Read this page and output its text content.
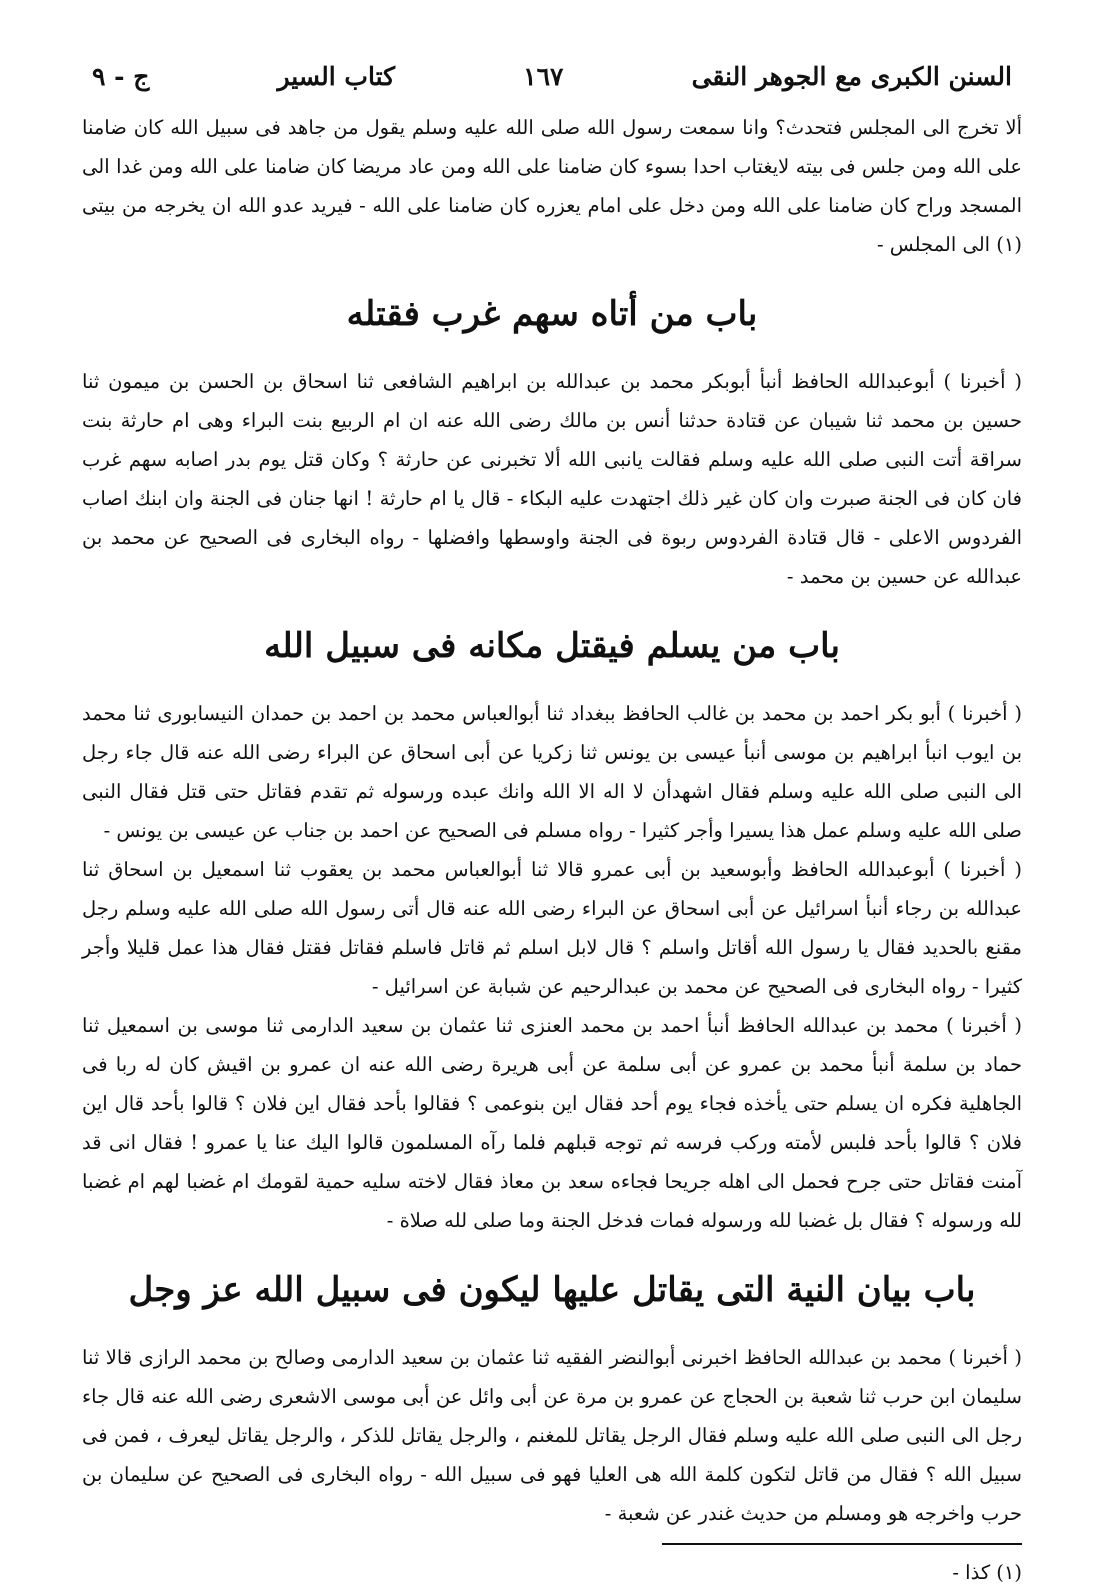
السنن الكبرى مع الجوهر النقى
١٦٧
كتاب السير
ج - ٩

ألا تخرج الى المجلس فتحدث؟ وانا سمعت رسول الله صلى الله عليه وسلم يقول من جاهد فى سبيل الله كان ضامنا على الله ومن جلس فى بيته لايغتاب احدا بسوء كان ضامنا على الله ومن عاد مريضا كان ضامنا على الله ومن غدا الى المسجد وراح كان ضامنا على الله ومن دخل على امام يعزره كان ضامنا على الله - فيريد عدو الله ان يخرجه من بيتى (١) الى المجلس -

باب من أتاه سهم غرب فقتله

( أخبرنا ) أبوعبدالله الحافظ أنبأ أبوبكر محمد بن عبدالله بن ابراهيم الشافعى ثنا اسحاق بن الحسن بن ميمون ثنا حسين بن محمد ثنا شيبان عن قتادة حدثنا أنس بن مالك رضى الله عنه ان ام الربيع بنت البراء وهى ام حارثة بنت سراقة أتت النبى صلى الله عليه وسلم فقالت يانبى الله ألا تخبرنى عن حارثة ؟ وكان قتل يوم بدر اصابه سهم غرب فان كان فى الجنة صبرت وان كان غير ذلك اجتهدت عليه البكاء - قال يا ام حارثة ! انها جنان فى الجنة وان ابنك اصاب الفردوس الاعلى - قال قتادة الفردوس ربوة فى الجنة واوسطها وافضلها - رواه البخارى فى الصحيح عن محمد بن عبدالله عن حسين بن محمد -

باب من يسلم فيقتل مكانه فى سبيل الله

( أخبرنا ) أبو بكر احمد بن محمد بن غالب الحافظ ببغداد ثنا أبوالعباس محمد بن احمد بن حمدان النيسابورى ثنا محمد بن ايوب انبأ ابراهيم بن موسى أنبأ عيسى بن يونس ثنا زكريا عن أبى اسحاق عن البراء رضى الله عنه قال جاء رجل الى النبى صلى الله عليه وسلم فقال اشهدأن لا اله الا الله وانك عبده ورسوله ثم تقدم فقاتل حتى قتل فقال النبى صلى الله عليه وسلم عمل هذا يسيرا وأجر كثيرا - رواه مسلم فى الصحيح عن احمد بن جناب عن عيسى بن يونس -

( أخبرنا ) أبوعبدالله الحافظ وأبوسعيد بن أبى عمرو قالا ثنا أبوالعباس محمد بن يعقوب ثنا اسمعيل بن اسحاق ثنا عبدالله بن رجاء أنبأ اسرائيل عن أبى اسحاق عن البراء رضى الله عنه قال أتى رسول الله صلى الله عليه وسلم رجل مقنع بالحديد فقال يا رسول الله أقاتل واسلم ؟ قال لابل اسلم ثم قاتل فاسلم فقاتل فقتل فقال هذا عمل قليلا وأجر كثيرا - رواه البخارى فى الصحيح عن محمد بن عبدالرحيم عن شبابة عن اسرائيل -

( أخبرنا ) محمد بن عبدالله الحافظ أنبأ احمد بن محمد العنزى ثنا عثمان بن سعيد الدارمى ثنا موسى بن اسمعيل ثنا حماد بن سلمة أنبأ محمد بن عمرو عن أبى سلمة عن أبى هريرة رضى الله عنه ان عمرو بن اقيش كان له ربا فى الجاهلية فكره ان يسلم حتى يأخذه فجاء يوم أحد فقال اين بنوعمى ؟ فقالوا بأحد فقال اين فلان ؟ قالوا بأحد قال اين فلان ؟ قالوا بأحد فلبس لأمته وركب فرسه ثم توجه قبلهم فلما رآه المسلمون قالوا اليك عنا يا عمرو ! فقال انى قد آمنت فقاتل حتى جرح فحمل الى اهله جريحا فجاءه سعد بن معاذ فقال لاخته سليه حمية لقومك ام غضبا لهم ام غضبا لله ورسوله ؟ فقال بل غضبا لله ورسوله فمات فدخل الجنة وما صلى لله صلاة -

باب بيان النية التى يقاتل عليها ليكون فى سبيل الله عز وجل

( أخبرنا ) محمد بن عبدالله الحافظ اخبرنى أبوالنضر الفقيه ثنا عثمان بن سعيد الدارمى وصالح بن محمد الرازى قالا ثنا سليمان ابن حرب ثنا شعبة بن الحجاج عن عمرو بن مرة عن أبى وائل عن أبى موسى الاشعرى رضى الله عنه قال جاء رجل الى النبى صلى الله عليه وسلم فقال الرجل يقاتل للمغنم ، والرجل يقاتل للذكر ، والرجل يقاتل ليعرف ، فمن فى سبيل الله ؟ فقال من قاتل لتكون كلمة الله هى العليا فهو فى سبيل الله - رواه البخارى فى الصحيح عن سليمان بن حرب واخرجه هو ومسلم من حديث غندر عن شعبة -

(١) كذا -
